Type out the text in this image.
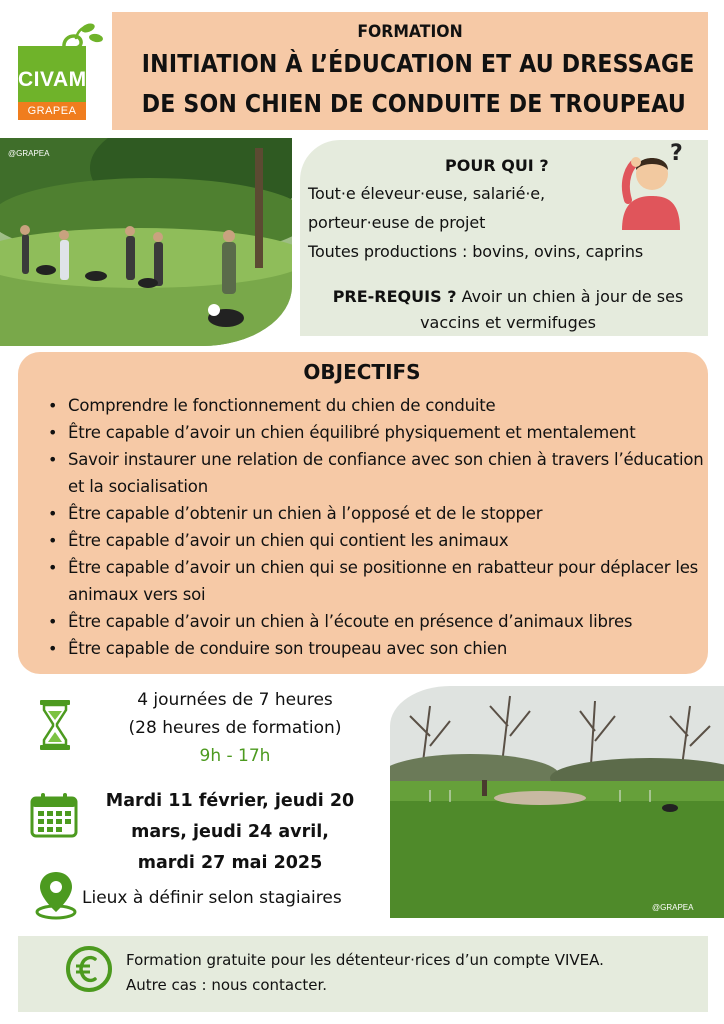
CIVAM
GRAPEA
FORMATION
INITIATION À L’ÉDUCATION ET AU DRESSAGE
DE SON CHIEN DE CONDUITE DE TROUPEAU
@GRAPEA
POUR QUI ?
Tout·e éleveur·euse, salarié·e,
porteur·euse de projet
Toutes productions : bovins, ovins, caprins
PRE-REQUIS ? Avoir un chien à jour de ses
vaccins et vermifuges
?
OBJECTIFS
• Comprendre le fonctionnement du chien de conduite
• Être capable d’avoir un chien équilibré physiquement et mentalement
• Savoir instaurer une relation de confiance avec son chien à travers l’éducation et la socialisation
• Être capable d’obtenir un chien à l’opposé et de le stopper
• Être capable d’avoir un chien qui contient les animaux
• Être capable d’avoir un chien qui se positionne en rabatteur pour déplacer les animaux vers soi
• Être capable d’avoir un chien à l’écoute en présence d’animaux libres
• Être capable de conduire son troupeau avec son chien
4 journées de 7 heures
(28 heures de formation)
9h - 17h
Mardi 11 février, jeudi 20
mars, jeudi 24 avril,
mardi 27 mai 2025
Lieux à définir selon stagiaires	@GRAPEA
Formation gratuite pour les détenteur·rices d’un compte VIVEA.
Autre cas : nous contacter.
